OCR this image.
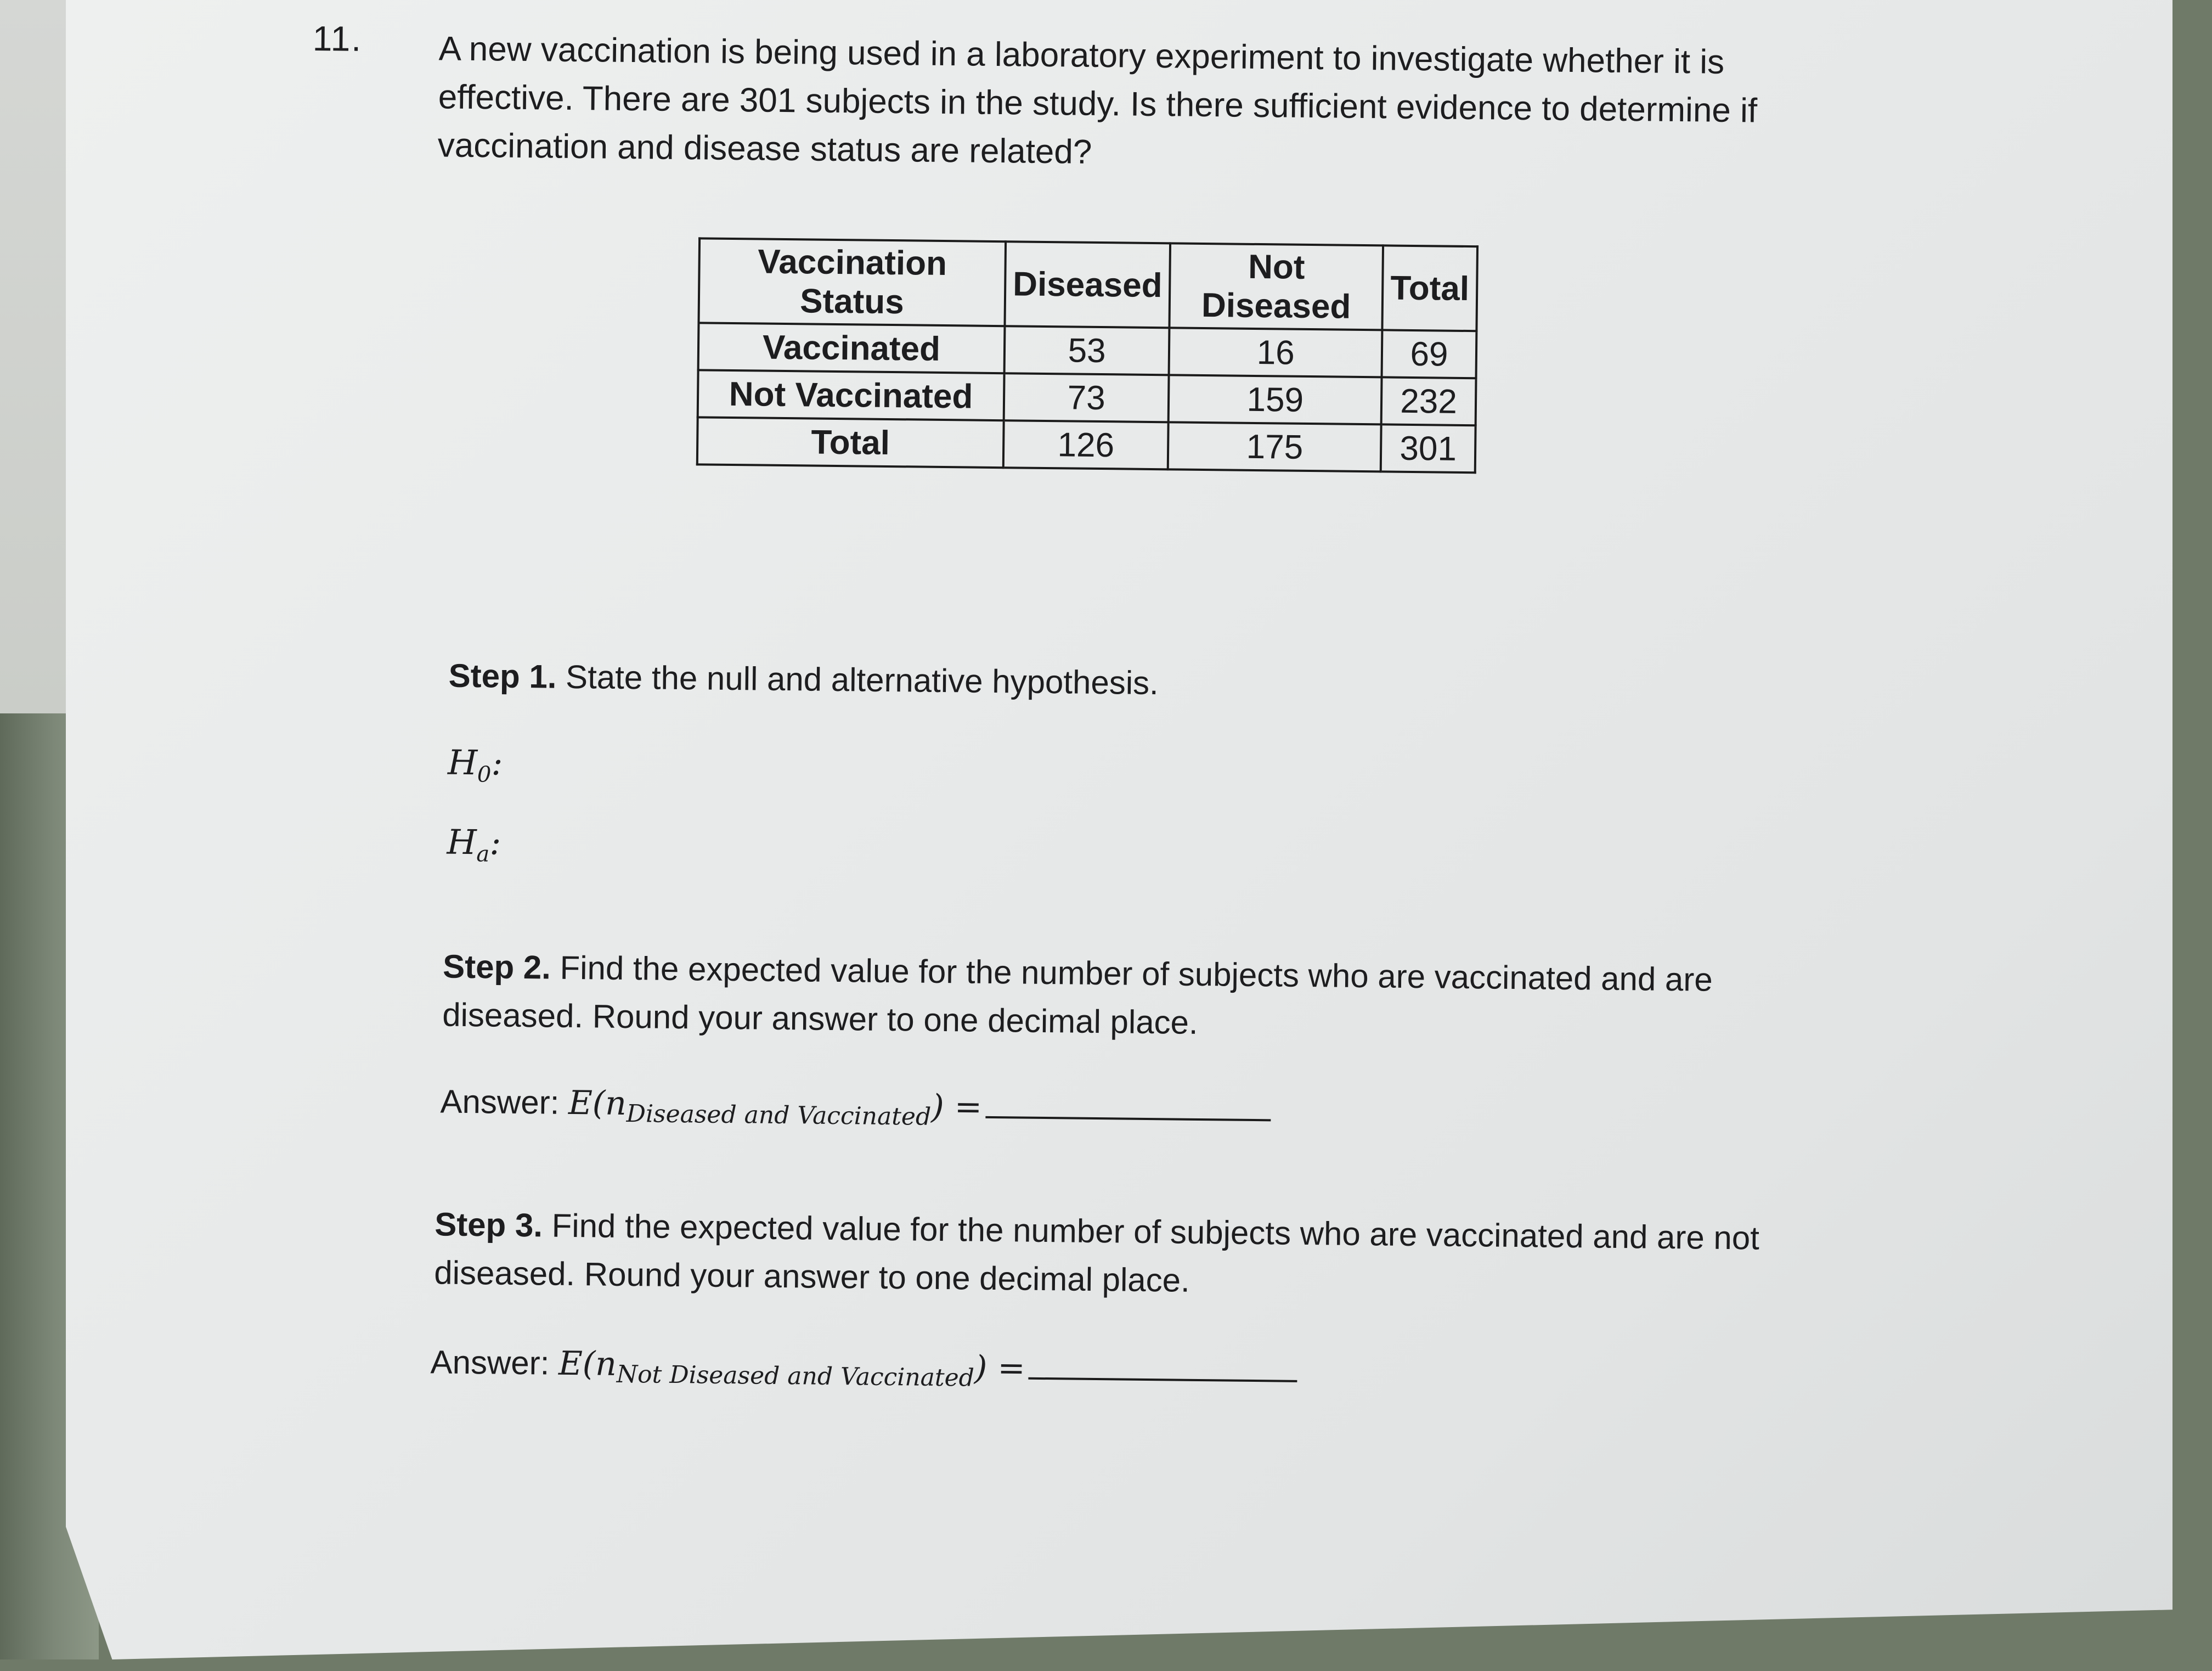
11. A new vaccination is being used in a laboratory experiment to investigate whether it is effective. There are 301 subjects in the study. Is there sufficient evidence to determine if vaccination and disease status are related?
Vaccination Status	Diseased	Not Diseased	Total
Vaccinated	53	16	69
Not Vaccinated	73	159	232
Total	126	175	301
Step 1. State the null and alternative hypothesis.
$H_0$:
$H_a$:
Step 2. Find the expected value for the number of subjects who are vaccinated and are diseased. Round your answer to one decimal place.
Answer: $E(n_{Diseased and Vaccinated})$ =
Step 3. Find the expected value for the number of subjects who are vaccinated and are not diseased. Round your answer to one decimal place.
Answer: $E(n_{Not Diseased and Vaccinated})$ =
